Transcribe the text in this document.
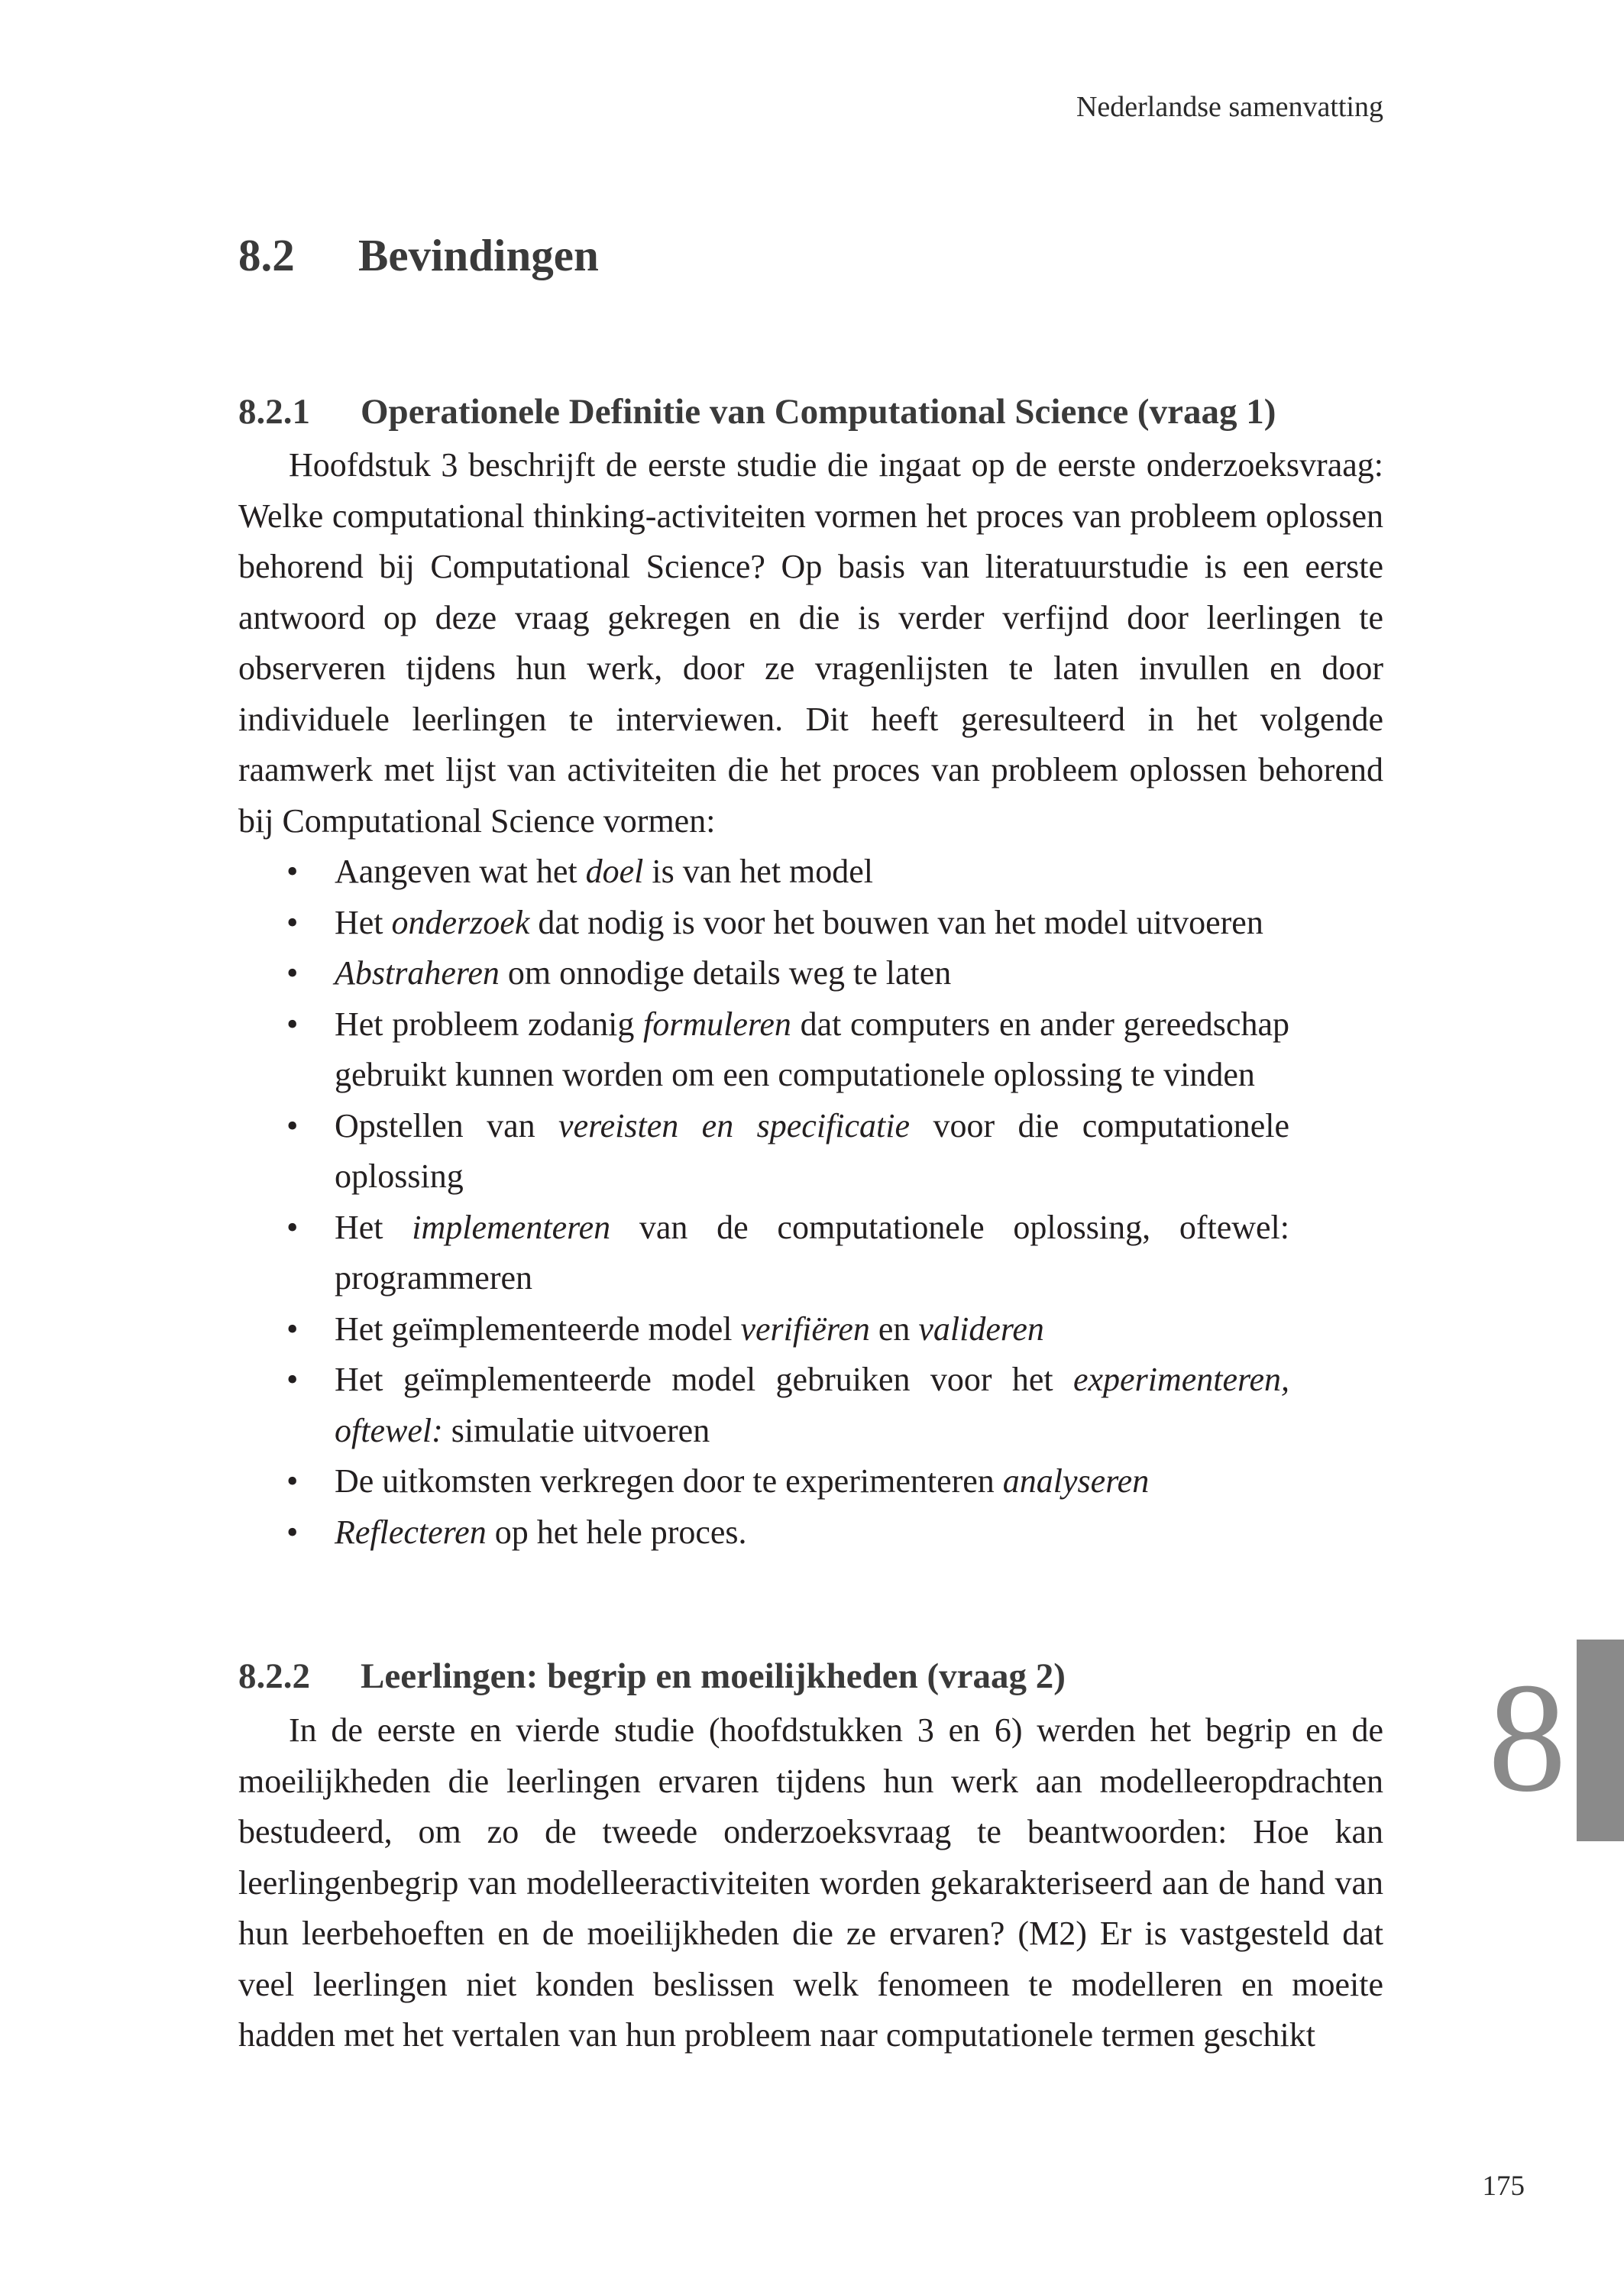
Nederlandse samenvatting
8.2 Bevindingen
8.2.1 Operationele Definitie van Computational Science (vraag 1)

Hoofdstuk 3 beschrijft de eerste studie die ingaat op de eerste onderzoeksvraag: Welke computational thinking-activiteiten vormen het proces van probleem oplossen behorend bij Computational Science? Op basis van literatuurstudie is een eerste antwoord op deze vraag gekregen en die is verder verfijnd door leerlingen te observeren tijdens hun werk, door ze vragenlijsten te laten invullen en door individuele leerlingen te interviewen. Dit heeft geresulteerd in het volgende raamwerk met lijst van activiteiten die het proces van probleem oplossen behorend bij Computational Science vormen:

• Aangeven wat het doel is van het model
• Het onderzoek dat nodig is voor het bouwen van het model uitvoeren
• Abstraheren om onnodige details weg te laten
• Het probleem zodanig formuleren dat computers en ander gereedschap gebruikt kunnen worden om een computationele oplossing te vinden
• Opstellen van vereisten en specificatie voor die computationele oplossing
• Het implementeren van de computationele oplossing, oftewel: programmeren
• Het geïmplementeerde model verifiëren en valideren
• Het geïmplementeerde model gebruiken voor het experimenteren, oftewel: simulatie uitvoeren
• De uitkomsten verkregen door te experimenteren analyseren
• Reflecteren op het hele proces.
8.2.2 Leerlingen: begrip en moeilijkheden (vraag 2)

In de eerste en vierde studie (hoofdstukken 3 en 6) werden het begrip en de moeilijkheden die leerlingen ervaren tijdens hun werk aan modelleeropdrachten bestudeerd, om zo de tweede onderzoeksvraag te beantwoorden: Hoe kan leerlingenbegrip van modelleeractiviteiten worden gekarakteriseerd aan de hand van hun leerbehoeften en de moeilijkheden die ze ervaren? (M2) Er is vastgesteld dat veel leerlingen niet konden beslissen welk fenomeen te modelleren en moeite hadden met het vertalen van hun probleem naar computationele termen geschikt

8
175
